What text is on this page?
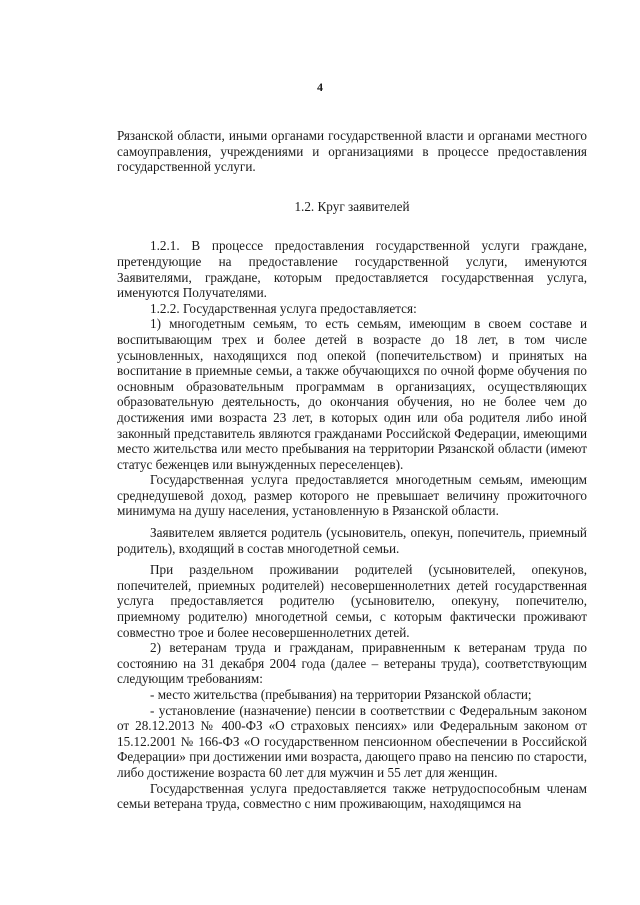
4

Рязанской области, иными органами государственной власти и органами местного самоуправления, учреждениями и организациями в процессе предоставления государственной услуги.

1.2. Круг заявителей

1.2.1. В процессе предоставления государственной услуги граждане, претендующие на предоставление государственной услуги, именуются Заявителями, граждане, которым предоставляется государственная услуга, именуются Получателями.

1.2.2. Государственная услуга предоставляется:

1) многодетным семьям, то есть семьям, имеющим в своем составе и воспитывающим трех и более детей в возрасте до 18 лет, в том числе усыновленных, находящихся под опекой (попечительством) и принятых на воспитание в приемные семьи, а также обучающихся по очной форме обучения по основным образовательным программам в организациях, осуществляющих образовательную деятельность, до окончания обучения, но не более чем до достижения ими возраста 23 лет, в которых один или оба родителя либо иной законный представитель являются гражданами Российской Федерации, имеющими место жительства или место пребывания на территории Рязанской области (имеют статус беженцев или вынужденных переселенцев).

Государственная услуга предоставляется многодетным семьям, имеющим среднедушевой доход, размер которого не превышает величину прожиточного минимума на душу населения, установленную в Рязанской области.

Заявителем является родитель (усыновитель, опекун, попечитель, приемный родитель), входящий в состав многодетной семьи.

При раздельном проживании родителей (усыновителей, опекунов, попечителей, приемных родителей) несовершеннолетних детей государственная услуга предоставляется родителю (усыновителю, опекуну, попечителю, приемному родителю) многодетной семьи, с которым фактически проживают совместно трое и более несовершеннолетних детей.

2) ветеранам труда и гражданам, приравненным к ветеранам труда по состоянию на 31 декабря 2004 года (далее – ветераны труда), соответствующим следующим требованиям:

- место жительства (пребывания) на территории Рязанской области;

- установление (назначение) пенсии в соответствии с Федеральным законом от 28.12.2013 № 400-ФЗ «О страховых пенсиях» или Федеральным законом от 15.12.2001 № 166-ФЗ «О государственном пенсионном обеспечении в Российской Федерации» при достижении ими возраста, дающего право на пенсию по старости, либо достижение возраста 60 лет для мужчин и 55 лет для женщин.

Государственная услуга предоставляется также нетрудоспособным членам семьи ветерана труда, совместно с ним проживающим, находящимся на
